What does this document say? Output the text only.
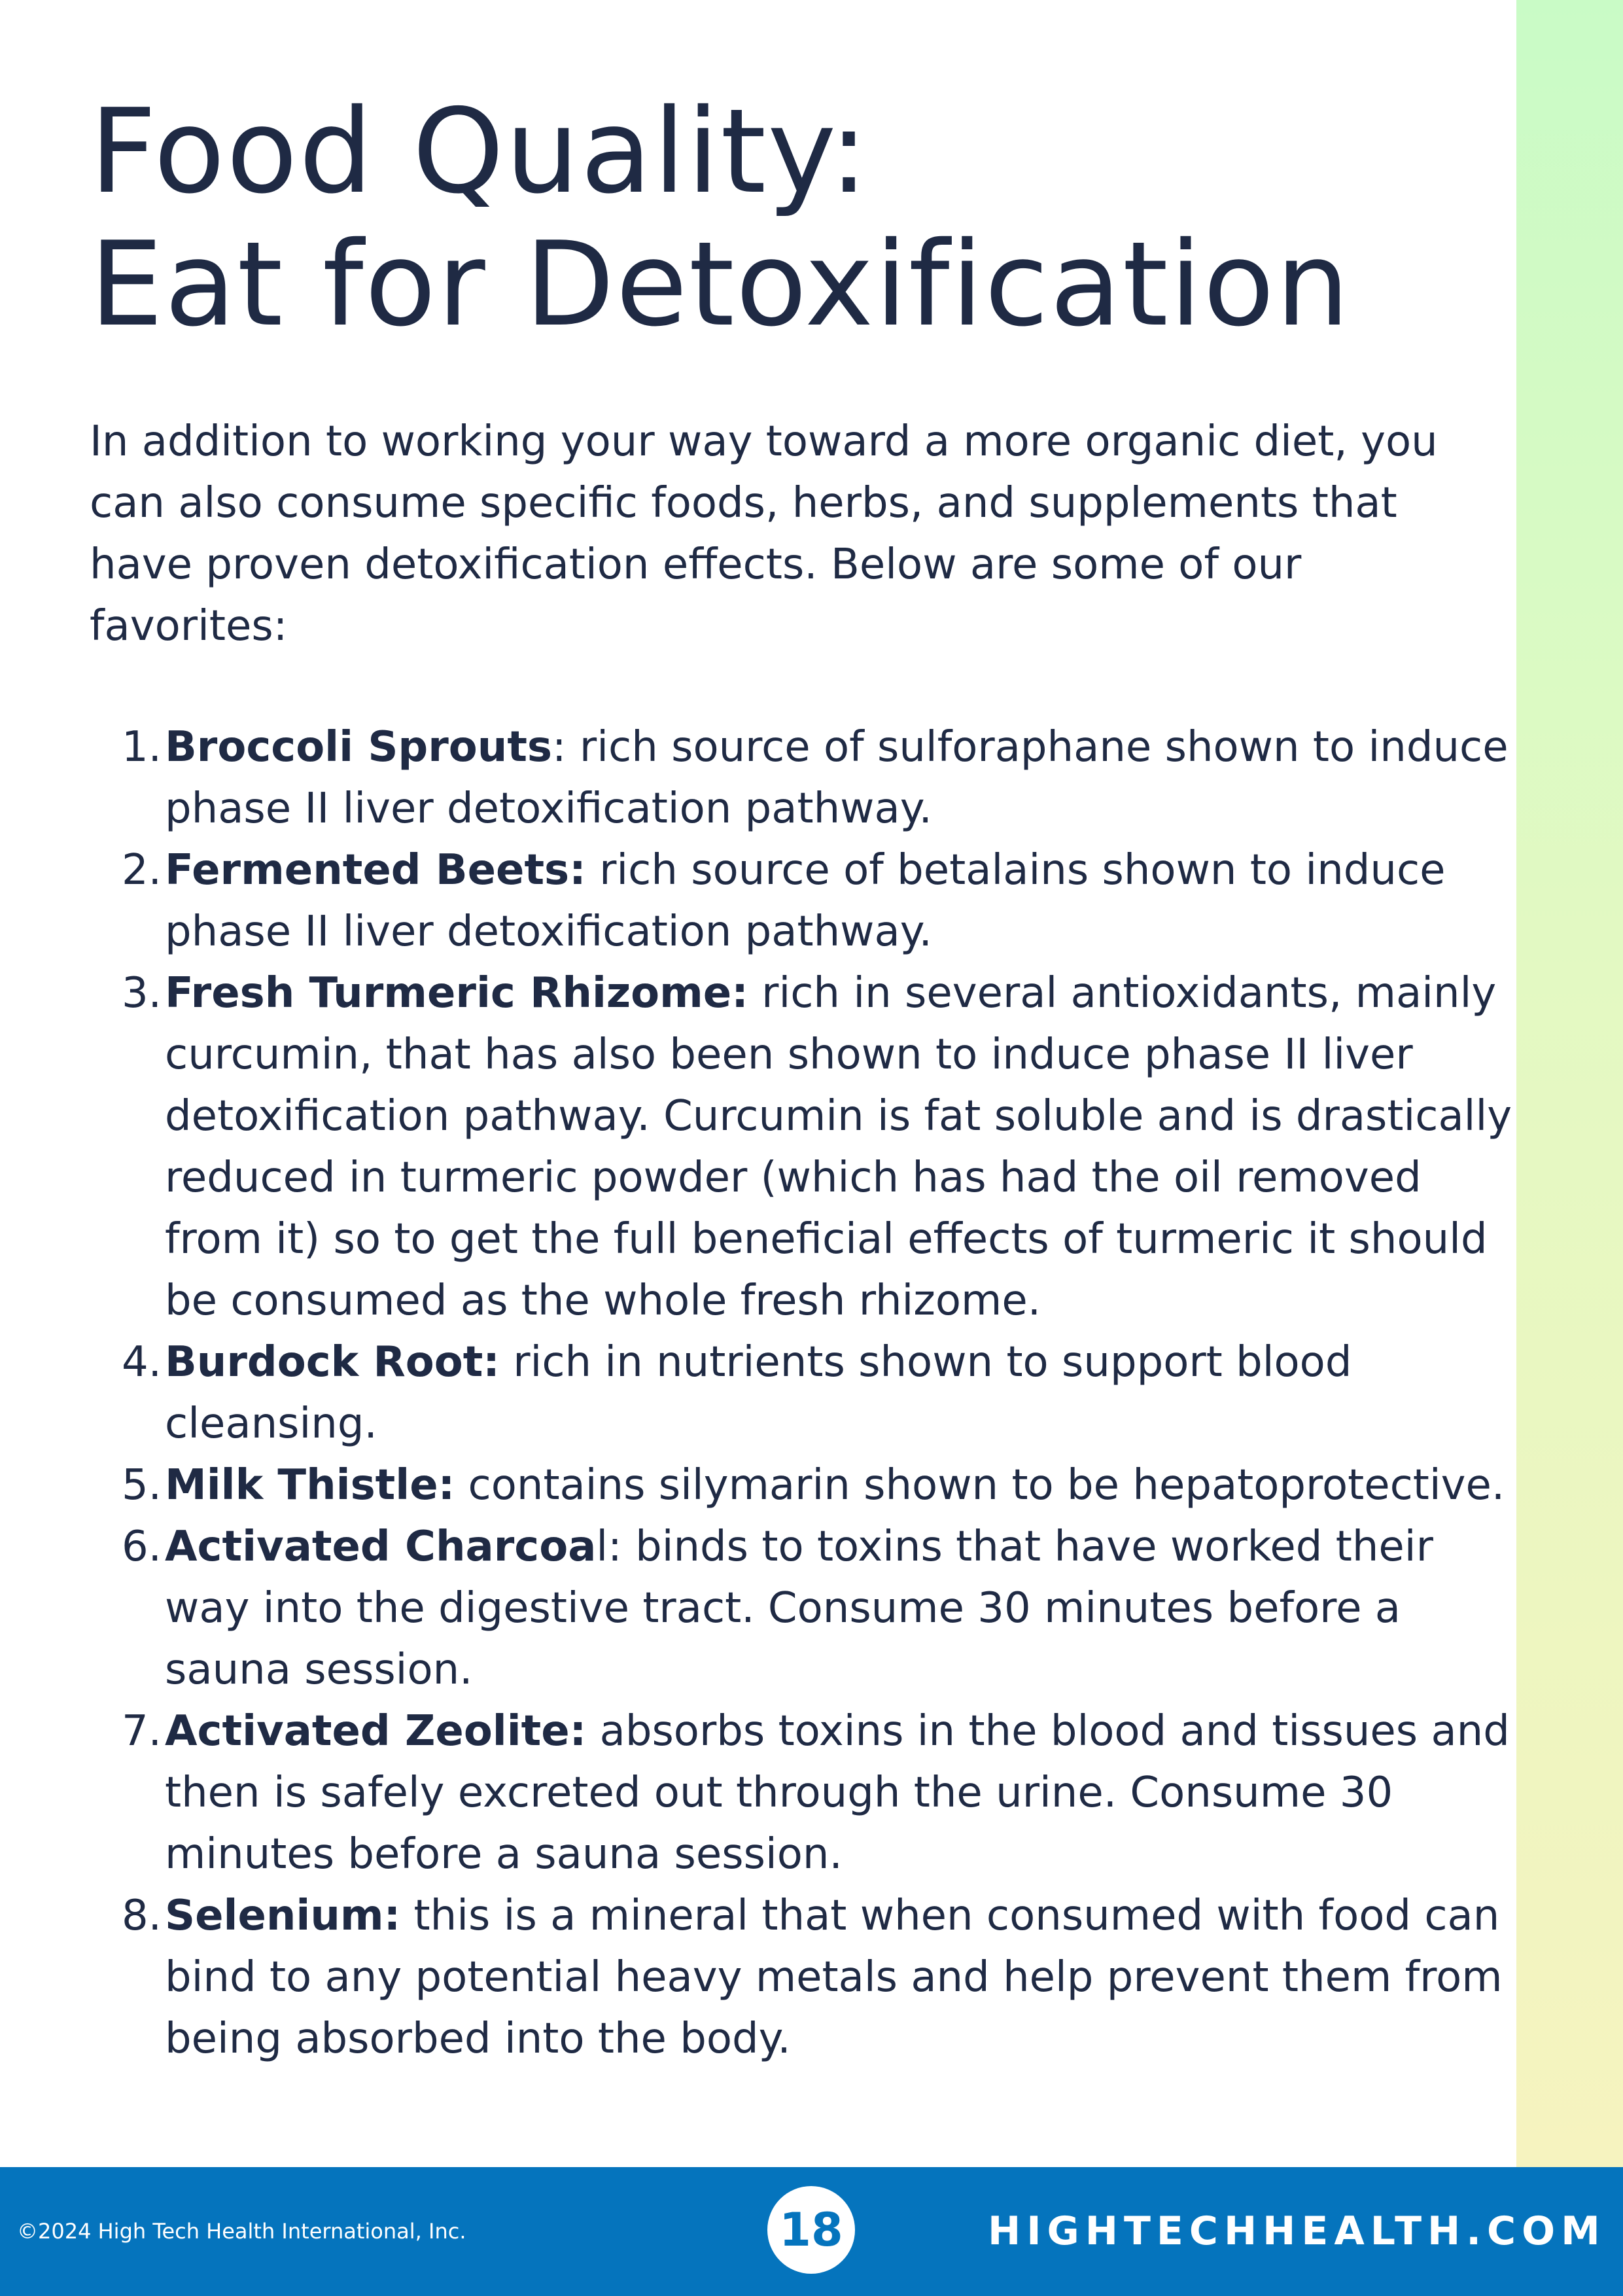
Food Quality:
Eat for Detoxification

In addition to working your way toward a more organic diet, you can also consume specific foods, herbs, and supplements that have proven detoxification effects. Below are some of our favorites:

1. Broccoli Sprouts: rich source of sulforaphane shown to induce phase II liver detoxification pathway.
2. Fermented Beets: rich source of betalains shown to induce phase II liver detoxification pathway.
3. Fresh Turmeric Rhizome: rich in several antioxidants, mainly curcumin, that has also been shown to induce phase II liver detoxification pathway. Curcumin is fat soluble and is drastically reduced in turmeric powder (which has had the oil removed from it) so to get the full beneficial effects of turmeric it should be consumed as the whole fresh rhizome.
4. Burdock Root: rich in nutrients shown to support blood cleansing.
5. Milk Thistle: contains silymarin shown to be hepatoprotective.
6. Activated Charcoal: binds to toxins that have worked their way into the digestive tract. Consume 30 minutes before a sauna session.
7. Activated Zeolite: absorbs toxins in the blood and tissues and then is safely excreted out through the urine. Consume 30 minutes before a sauna session.
8. Selenium: this is a mineral that when consumed with food can bind to any potential heavy metals and help prevent them from being absorbed into the body.
©2024 High Tech Health International, Inc.	18	HIGHTECHHEALTH.COM
